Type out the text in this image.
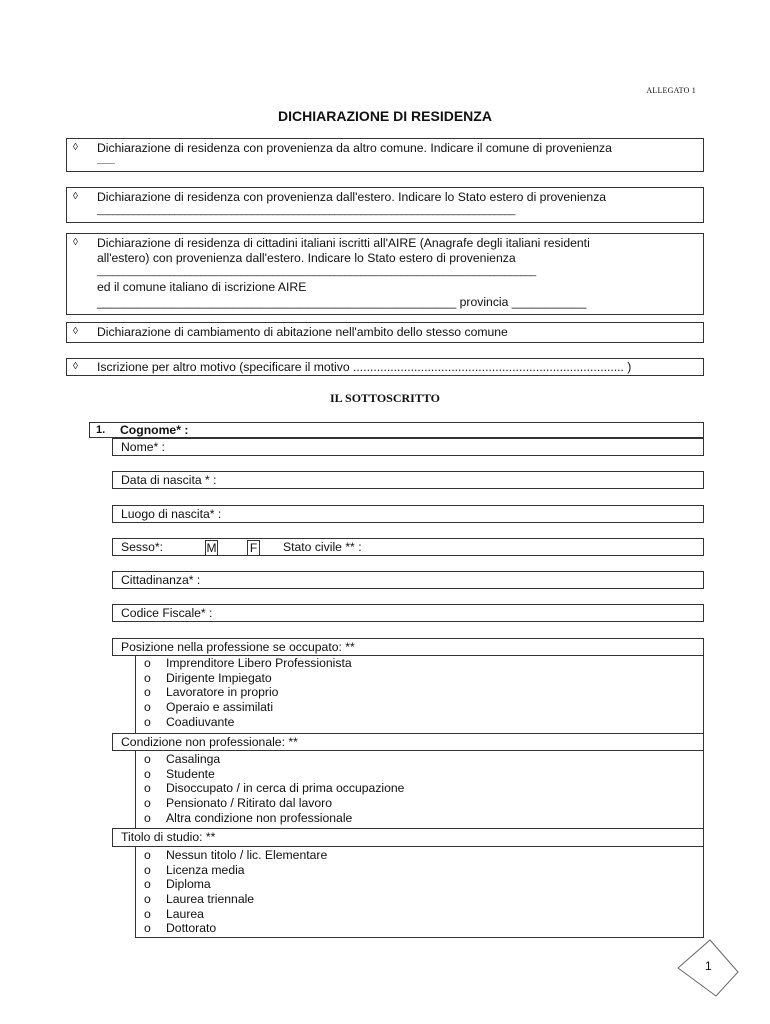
ALLEGATO 1
DICHIARAZIONE DI RESIDENZA
◊ Dichiarazione di residenza con provenienza da altro comune. Indicare il comune di provenienza
______
◊ Dichiarazione di residenza con provenienza dall'estero. Indicare lo Stato estero di provenienza
_________________________________________________________________________________
◊ Dichiarazione di residenza di cittadini italiani iscritti all'AIRE (Anagrafe degli italiani residenti
all'estero) con provenienza dall'estero. Indicare lo Stato estero di provenienza
_____________________________________________________________________________________
ed il comune italiano di iscrizione AIRE
_____________________________________________________ provincia ___________
◊ Dichiarazione di cambiamento di abitazione nell'ambito dello stesso comune
◊ Iscrizione per altro motivo (specificare il motivo ................................................................................ )
IL SOTTOSCRITTO
1. Cognome* :
Nome* :
Data di nascita * :
Luogo di nascita* :
Sesso*:	M	F Stato civile ** :
Cittadinanza* :
Codice Fiscale* :
Posizione nella professione se occupato: **
o Imprenditore Libero Professionista
o Dirigente Impiegato
o Lavoratore in proprio
o Operaio e assimilati
o Coadiuvante
Condizione non professionale: **
o Casalinga
o Studente
o Disoccupato / in cerca di prima occupazione
o Pensionato / Ritirato dal lavoro
o Altra condizione non professionale
Titolo di studio: **
o Nessun titolo / lic. Elementare
o Licenza media
o Diploma
o Laurea triennale
o Laurea
o Dottorato
1
